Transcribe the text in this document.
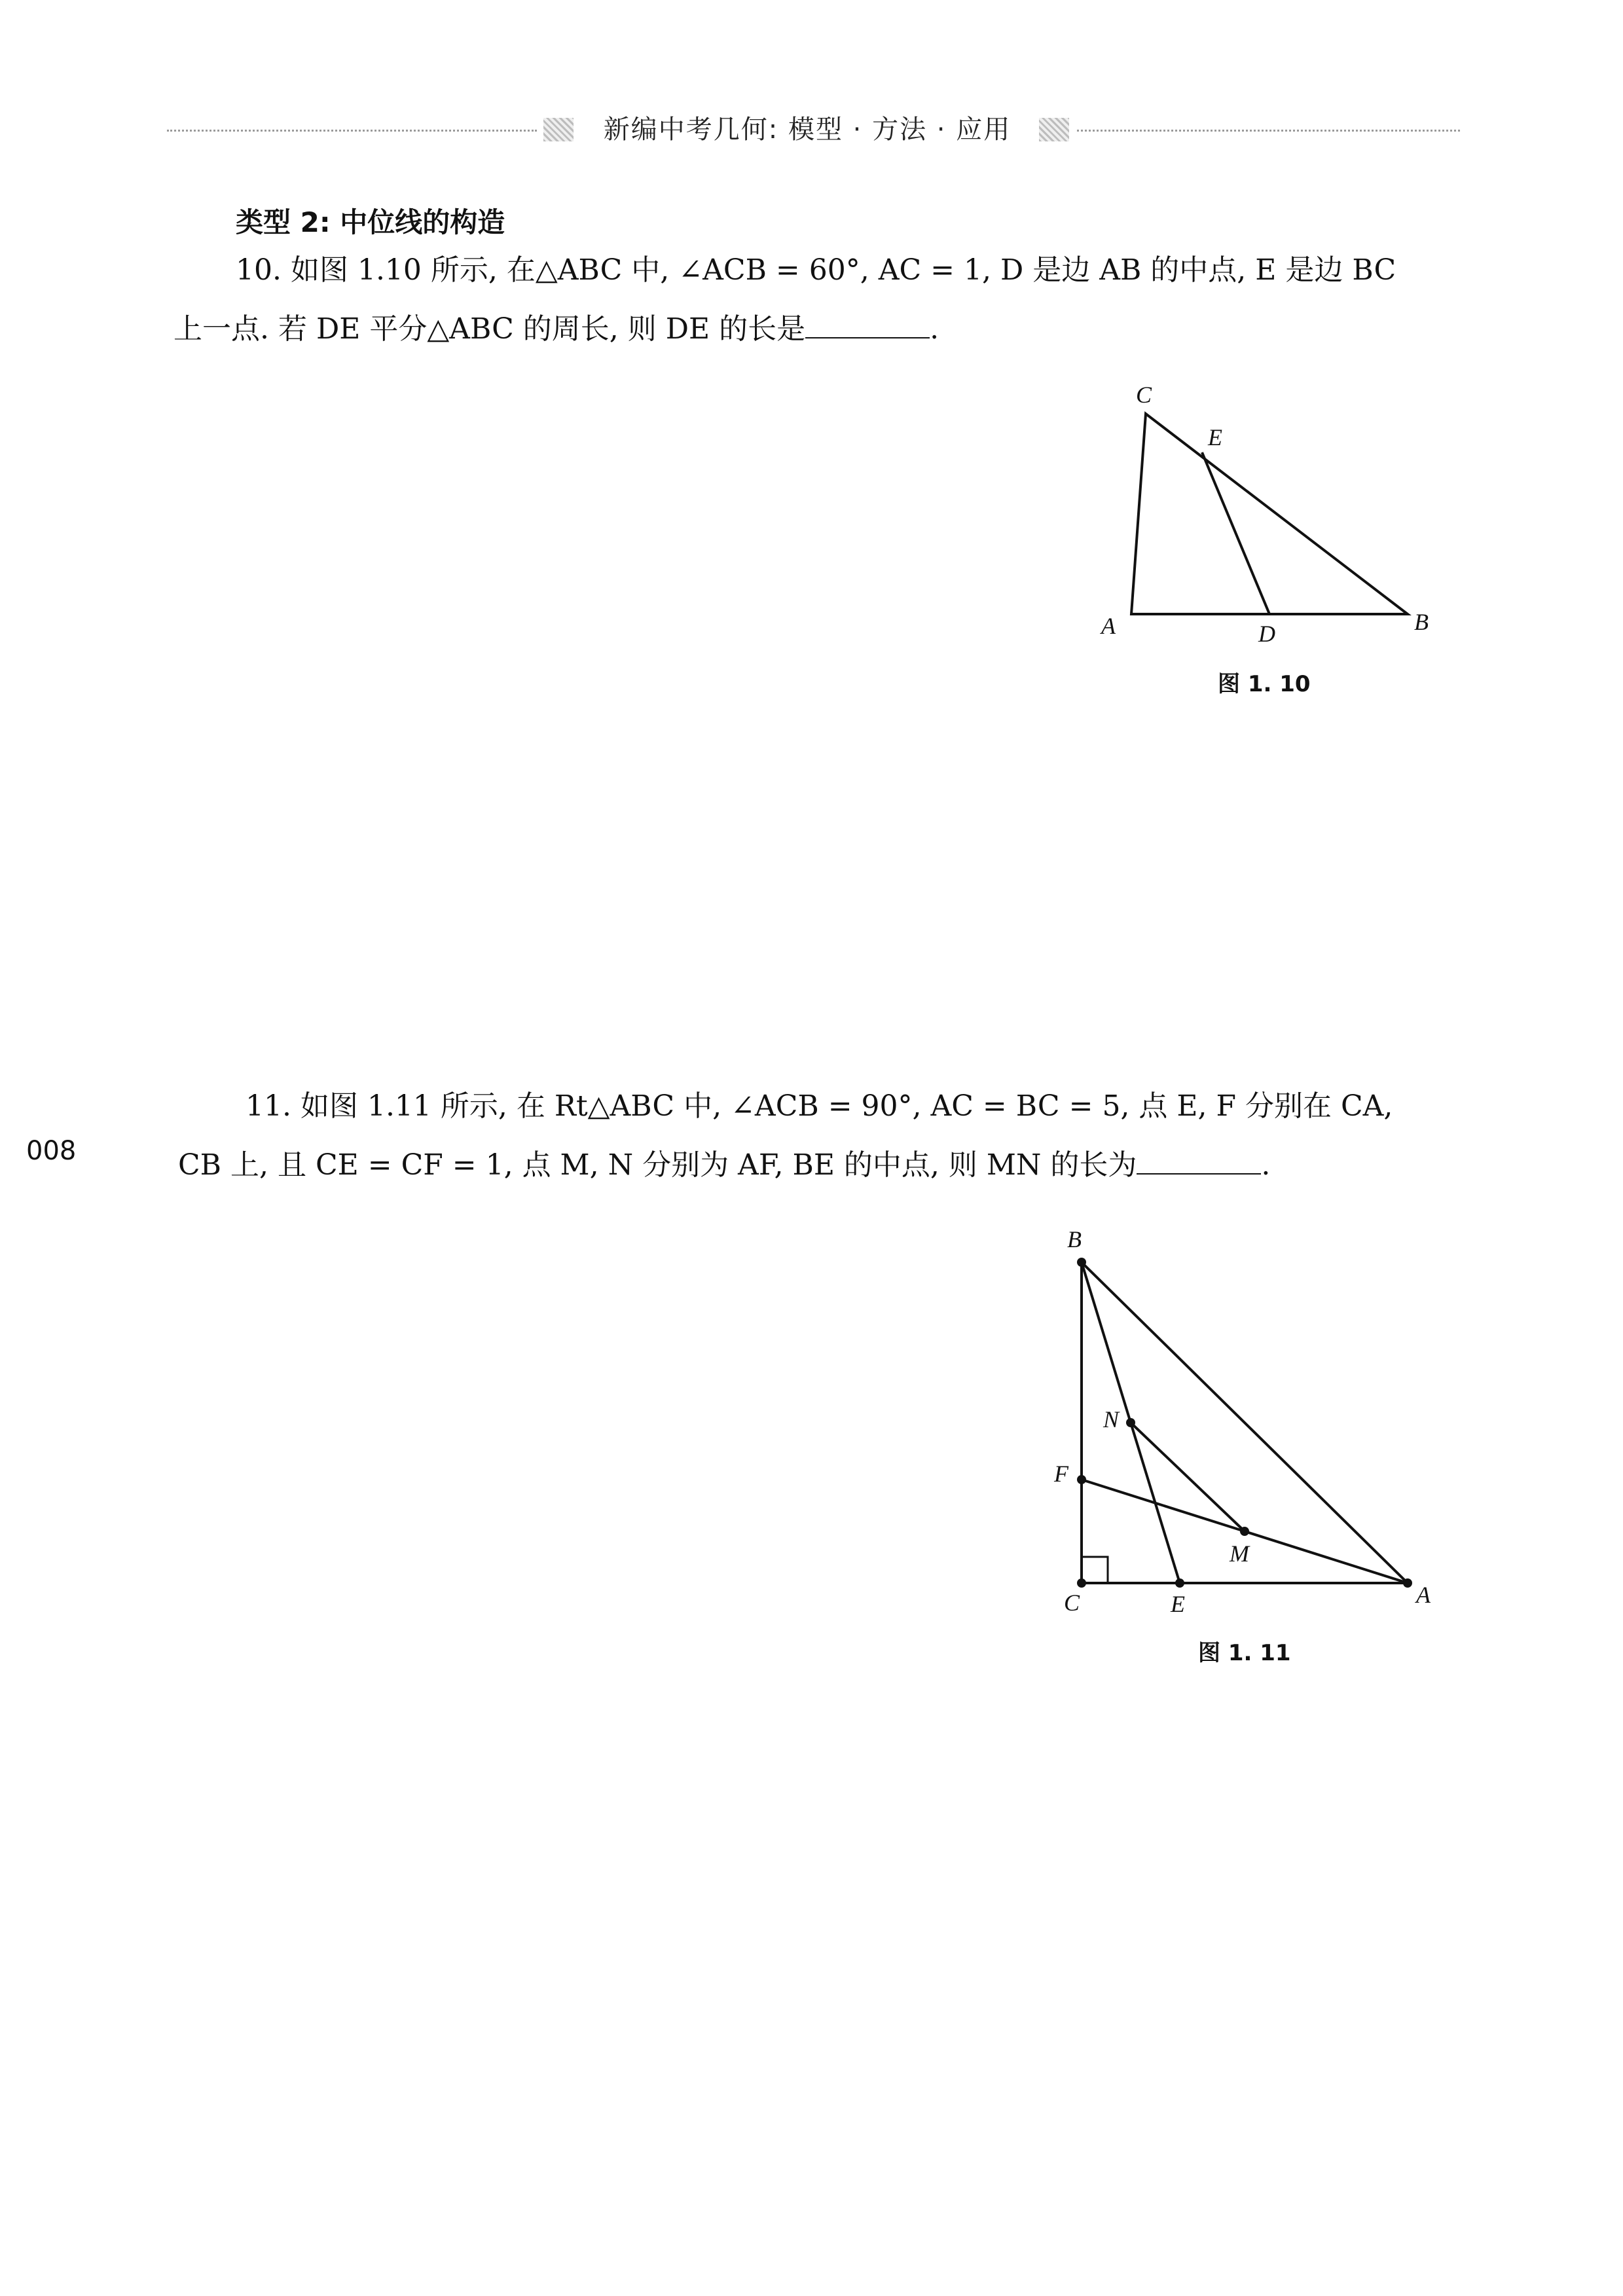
新编中考几何: 模型 · 方法 · 应用
类型 2: 中位线的构造
10. 如图 1.10 所示, 在△ABC 中, ∠ACB = 60°, AC = 1, D 是边 AB 的中点, E 是边 BC
上一点. 若 DE 平分△ABC 的周长, 则 DE 的长是	.
C
E
A	D	B
图 1. 10
008
11. 如图 1.11 所示, 在 Rt△ABC 中, ∠ACB = 90°, AC = BC = 5, 点 E, F 分别在 CA,
CB 上, 且 CE = CF = 1, 点 M, N 分别为 AF, BE 的中点, 则 MN 的长为	.
B
N
F
M
C	E	A
图 1. 11
